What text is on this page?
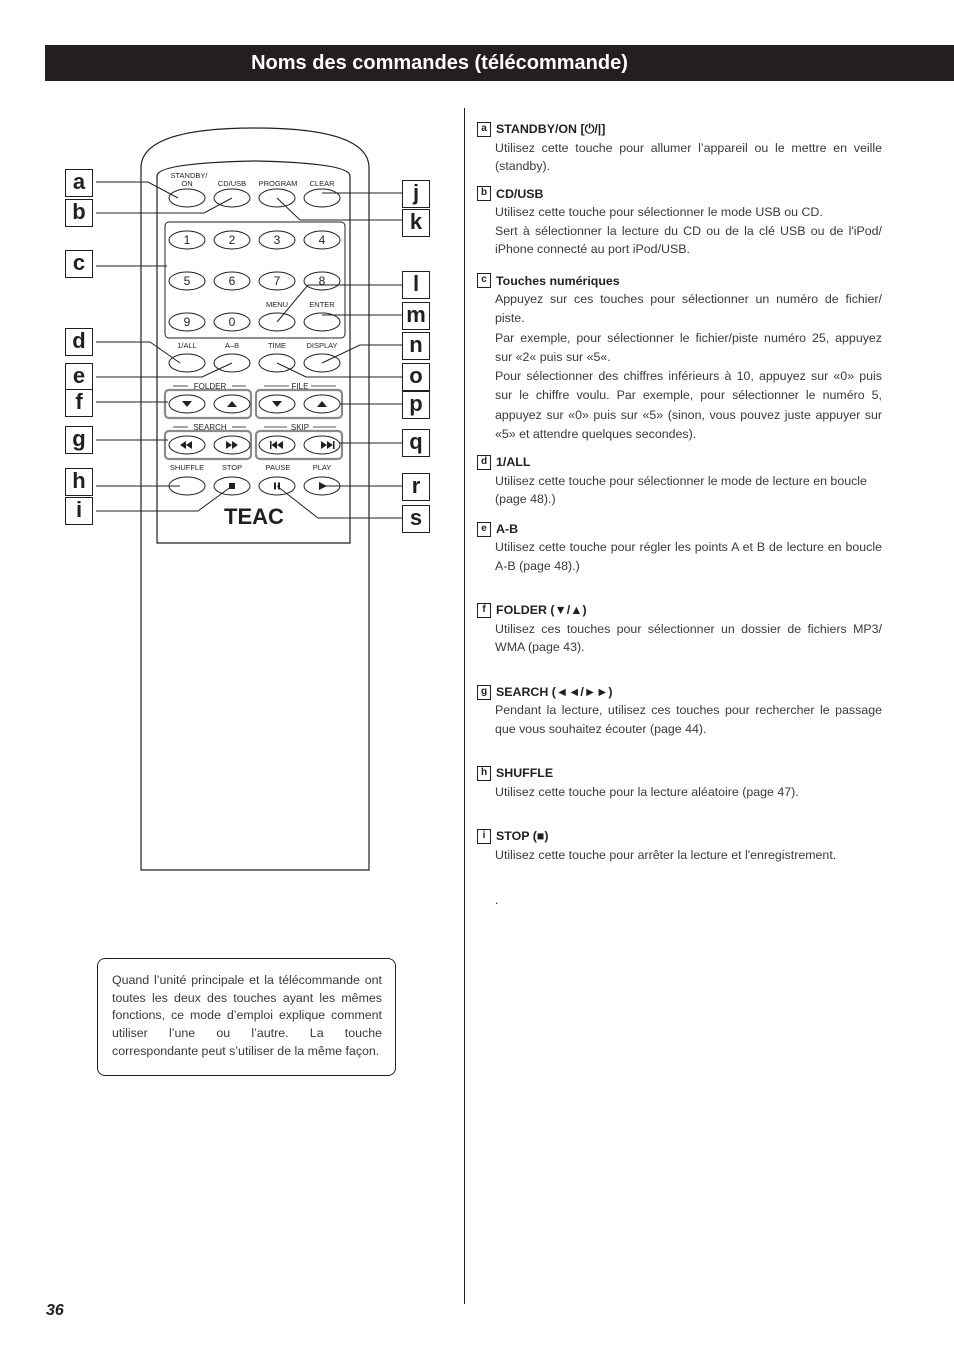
Noms des commandes (télécommande)
FOLDER	FILE
SEARCH	SKIP
STANDBY/
ON	CD/USB PROGRAM CLEAR
MENU	ENTER
1/ALL	A–B	TIME	DISPLAY
SHUFFLE STOP	PAUSE	PLAY
1	2	3	4
5	6	7	8
9	0
TEAC
a
b
c
d
e
f
g
h
i
j
k
l
m
n
o
p
q
r
s
a STANDBY/ON [⏻/|]
Utilisez cette touche pour allumer l’appareil ou le mettre en veille (standby).
b CD/USB
Utilisez cette touche pour sélectionner le mode USB ou CD.
Sert à sélectionner la lecture du CD ou de la clé USB ou de l'iPod/ iPhone connecté au port iPod/USB.
c Touches numériques
Appuyez sur ces touches pour sélectionner un numéro de fichier/ piste.
Par exemple, pour sélectionner le fichier/piste numéro 25, appuyez sur «2« puis sur «5«.
Pour sélectionner des chiffres inférieurs à 10, appuyez sur «0» puis sur le chiffre voulu. Par exemple, pour sélectionner le numéro 5, appuyez sur «0» puis sur «5» (sinon, vous pouvez juste appuyer sur «5» et attendre quelques secondes).
d 1/ALL
Utilisez cette touche pour sélectionner le mode de lecture en boucle (page 48).)
e A-B
Utilisez cette touche pour régler les points A et B de lecture en boucle A-B (page 48).)
f FOLDER (▼/▲)
Utilisez ces touches pour sélectionner un dossier de fichiers MP3/ WMA (page 43).
g SEARCH (◄◄/►►)
Pendant la lecture, utilisez ces touches pour rechercher le passage que vous souhaitez écouter (page 44).
h SHUFFLE
Utilisez cette touche pour la lecture aléatoire (page 47).
i STOP (■)
Utilisez cette touche pour arrêter la lecture et l'enregistrement.
.
Quand l’unité principale et la télécommande ont toutes les deux des touches ayant les mêmes fonctions, ce mode d’emploi explique comment utiliser l’une ou l’autre. La touche correspondante peut s’utiliser de la même façon.
36
